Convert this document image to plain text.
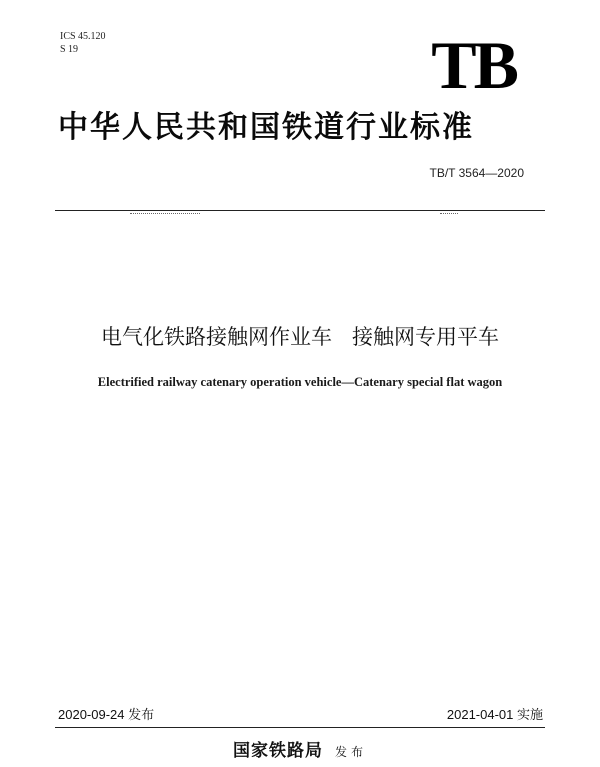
ICS 45.120
S 19	TB
中华人民共和国铁道行业标准
TB/T 3564—2020
电气化铁路接触网作业车   接触网专用平车
Electrified railway catenary operation vehicle—Catenary special flat wagon
2020-09-24 发布	2021-04-01 实施
国家铁路局 发布
